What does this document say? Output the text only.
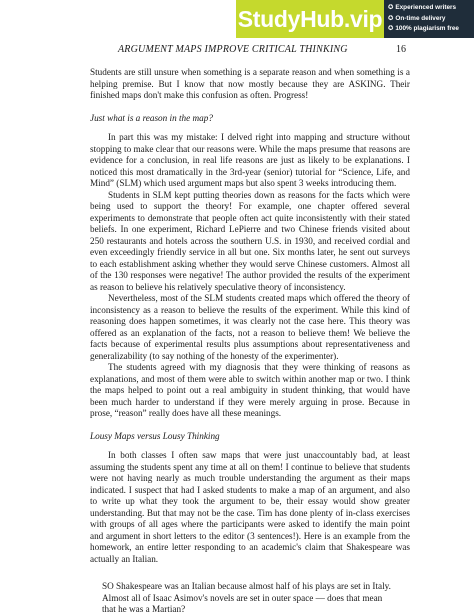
StudyHub.vip ✪ Experienced writers
✪ On-time delivery
✪ 100% plagiarism free
ARGUMENT MAPS IMPROVE CRITICAL THINKING	16

Students are still unsure when something is a separate reason and when something is a helping premise. But I know that now mostly because they are ASKING. Their finished maps don't make this confusion as often. Progress!

Just what is a reason in the map?

In part this was my mistake: I delved right into mapping and structure without stopping to make clear that our reasons were. While the maps presume that reasons are evidence for a conclusion, in real life reasons are just as likely to be explanations. I noticed this most dramatically in the 3rd-year (senior) tutorial for “Science, Life, and Mind” (SLM) which used argument maps but also spent 3 weeks introducing them.

Students in SLM kept putting theories down as reasons for the facts which were being used to support the theory! For example, one chapter offered several experiments to demonstrate that people often act quite inconsistently with their stated beliefs. In one experiment, Richard LePierre and two Chinese friends visited about 250 restaurants and hotels across the southern U.S. in 1930, and received cordial and even exceedingly friendly service in all but one. Six months later, he sent out surveys to each establishment asking whether they would serve Chinese customers. Almost all of the 130 responses were negative! The author provided the results of the experiment as reason to believe his relatively speculative theory of inconsistency.

Nevertheless, most of the SLM students created maps which offered the theory of inconsistency as a reason to believe the results of the experiment. While this kind of reasoning does happen sometimes, it was clearly not the case here. This theory was offered as an explanation of the facts, not a reason to believe them! We believe the facts because of experimental results plus assumptions about representativeness and generalizability (to say nothing of the honesty of the experimenter).

The students agreed with my diagnosis that they were thinking of reasons as explanations, and most of them were able to switch within another map or two. I think the maps helped to point out a real ambiguity in student thinking, that would have been much harder to understand if they were merely arguing in prose. Because in prose, “reason” really does have all these meanings.

Lousy Maps versus Lousy Thinking

In both classes I often saw maps that were just unaccountably bad, at least assuming the students spent any time at all on them! I continue to believe that students were not having nearly as much trouble understanding the argument as their maps indicated. I suspect that had I asked students to make a map of an argument, and also to write up what they took the argument to be, their essay would show greater understanding. But that may not be the case. Tim has done plenty of in-class exercises with groups of all ages where the participants were asked to identify the main point and argument in short letters to the editor (3 sentences!). Here is an example from the homework, an entire letter responding to an academic's claim that Shakespeare was actually an Italian.

SO Shakespeare was an Italian because almost half of his plays are set in Italy. Almost all of Isaac Asimov's novels are set in outer space — does that mean that he was a Martian?
